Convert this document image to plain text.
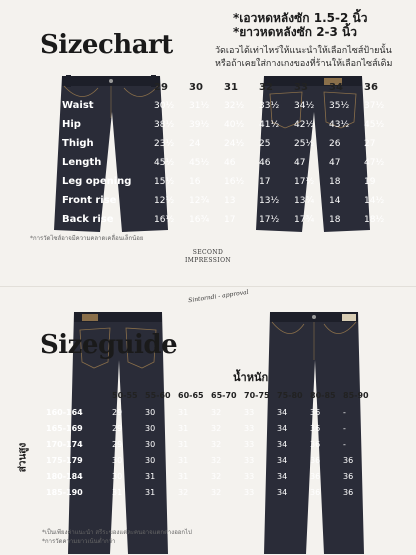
Sizechart
*เอวหดหลังซัก 1.5-2 นิ้ว
*ยาวหดหลังซัก 2-3 นิ้ว
วัดเอวได้เท่าไหร่ให้แนะนำให้เลือกไซส์ป้ายนั้น
หรือถ้าเคยใส่กางเกงของที่ร้านให้เลือกไซส์เดิม
	29	30	31	32	33	34	36
Waist	30½	31½	32½	33½	34½	35½	37½
Hip	38½	39½	40½	41½	42½	43½	45½
Thigh	23½	24	24½	25	25½	26	27
Length	45½	45½	46	46	47	47	47½
Leg opening	15½	16	16½	17	17½	18	19
Front rise	12½	12¾	13	13½	13¾	14	14½
Back rise	16½	16¾	17	17½	17¾	18	18½
*การวัดไซส์อาจมีความคลาดเคลื่อนเล็กน้อย
SECOND
IMPRESSION
Sintorndi ‑ approval
Sizeguide
น้ำหนัก
ส่วนสูง
	50-55	55-60	60-65	65-70	70-75	75-80	80-85	85-90
160-164	29	30	31	32	33	34	36	-
165-169	29	30	31	32	33	34	36	-
170-174	29	30	31	32	33	34	36	-
175-179	30	30	31	32	33	34	36	36
180-184	30	31	31	32	33	34	36	36
185-190	31	31	32	32	33	34	36	36
*เป็นเพียงค่าแนะนำ สรีระของแต่ละคนอาจแตกต่างออกไป
*การวัดความยาวเน้นต่ำกว่า
